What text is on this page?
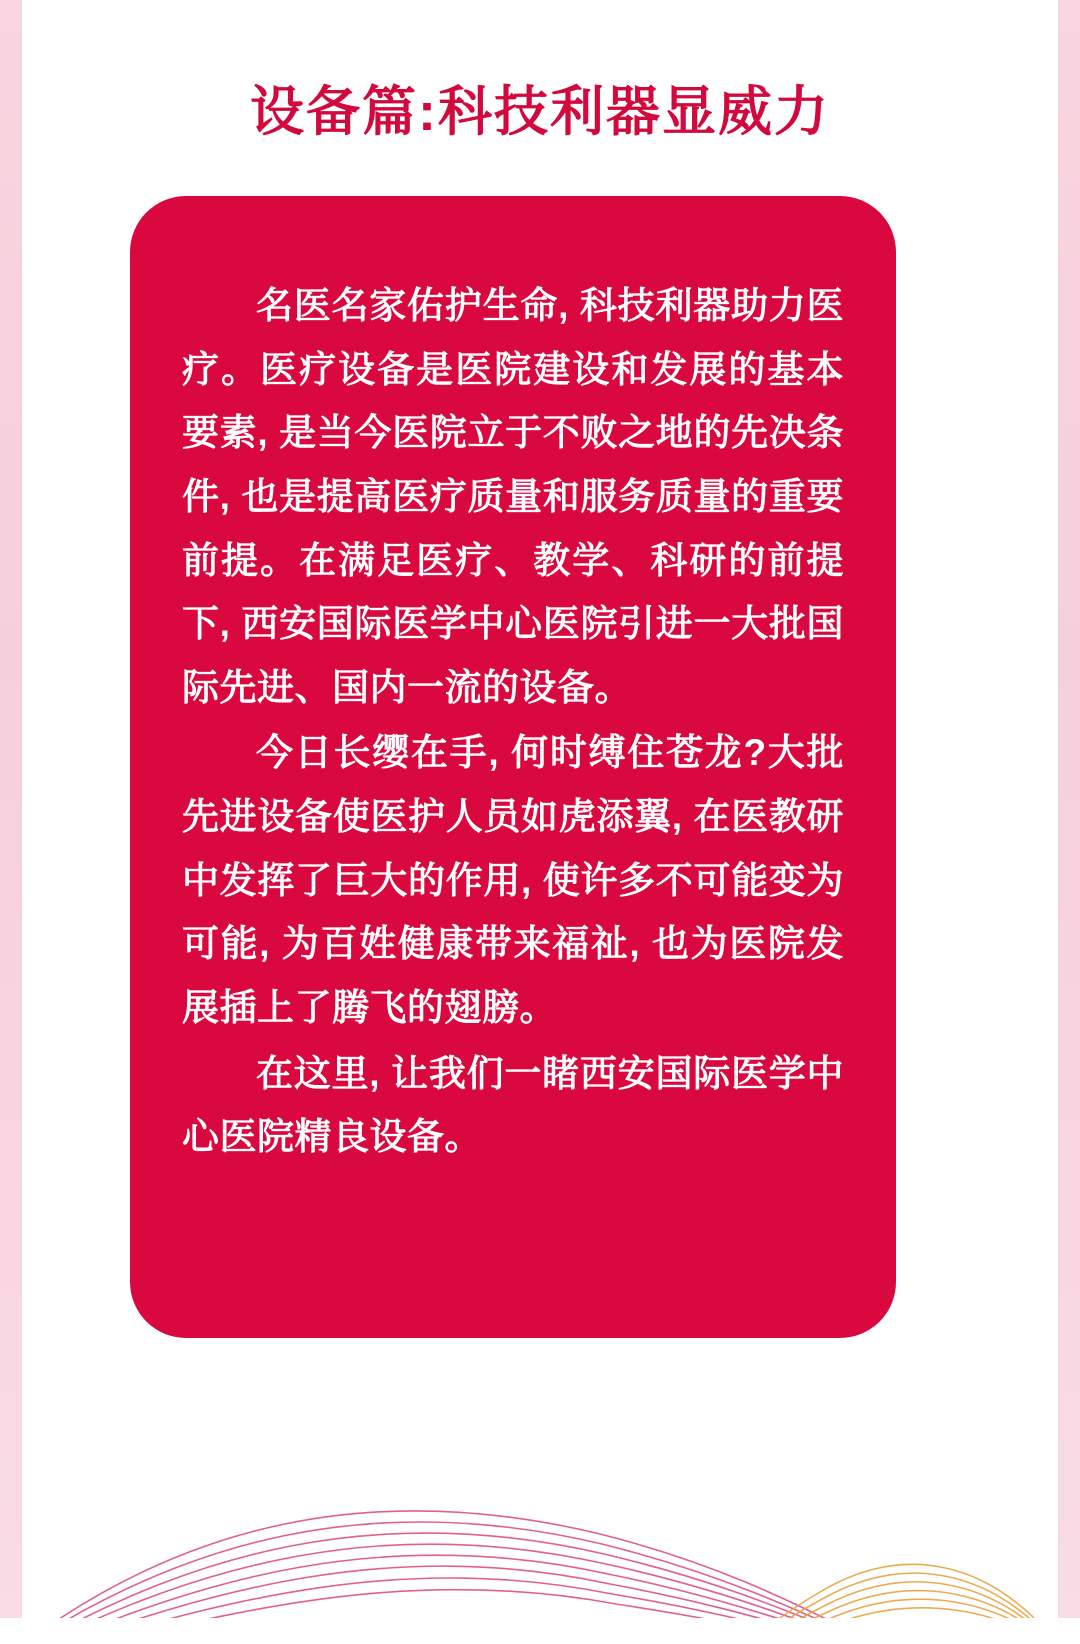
设备篇:科技利器显威力

名医名家佑护生命, 科技利器助力医疗。医疗设备是医院建设和发展的基本要素, 是当今医院立于不败之地的先决条件, 也是提高医疗质量和服务质量的重要前提。在满足医疗、教学、科研的前提下, 西安国际医学中心医院引进一大批国际先进、国内一流的设备。

今日长缨在手, 何时缚住苍龙?大批先进设备使医护人员如虎添翼, 在医教研中发挥了巨大的作用, 使许多不可能变为可能, 为百姓健康带来福祉, 也为医院发展插上了腾飞的翅膀。

在这里, 让我们一睹西安国际医学中心医院精良设备。
